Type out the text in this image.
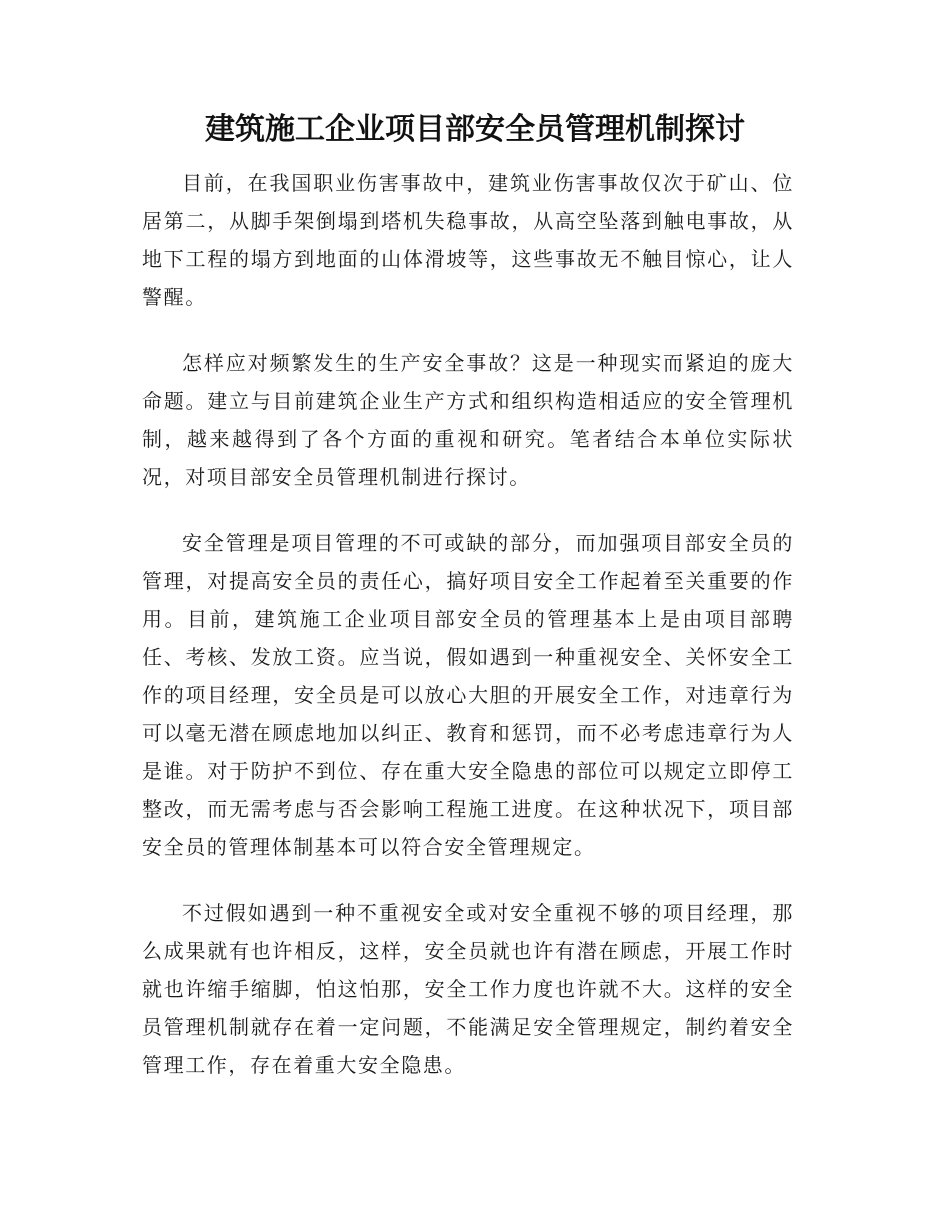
建筑施工企业项目部安全员管理机制探讨

目前，在我国职业伤害事故中，建筑业伤害事故仅次于矿山、位居第二，从脚手架倒塌到塔机失稳事故，从高空坠落到触电事故，从地下工程的塌方到地面的山体滑坡等，这些事故无不触目惊心，让人警醒。

怎样应对频繁发生的生产安全事故？这是一种现实而紧迫的庞大命题。建立与目前建筑企业生产方式和组织构造相适应的安全管理机制，越来越得到了各个方面的重视和研究。笔者结合本单位实际状况，对项目部安全员管理机制进行探讨。

安全管理是项目管理的不可或缺的部分，而加强项目部安全员的管理，对提高安全员的责任心，搞好项目安全工作起着至关重要的作用。目前，建筑施工企业项目部安全员的管理基本上是由项目部聘任、考核、发放工资。应当说，假如遇到一种重视安全、关怀安全工作的项目经理，安全员是可以放心大胆的开展安全工作，对违章行为可以毫无潜在顾虑地加以纠正、教育和惩罚，而不必考虑违章行为人是谁。对于防护不到位、存在重大安全隐患的部位可以规定立即停工整改，而无需考虑与否会影响工程施工进度。在这种状况下，项目部安全员的管理体制基本可以符合安全管理规定。

不过假如遇到一种不重视安全或对安全重视不够的项目经理，那么成果就有也许相反，这样，安全员就也许有潜在顾虑，开展工作时就也许缩手缩脚，怕这怕那，安全工作力度也许就不大。这样的安全员管理机制就存在着一定问题，不能满足安全管理规定，制约着安全管理工作，存在着重大安全隐患。
